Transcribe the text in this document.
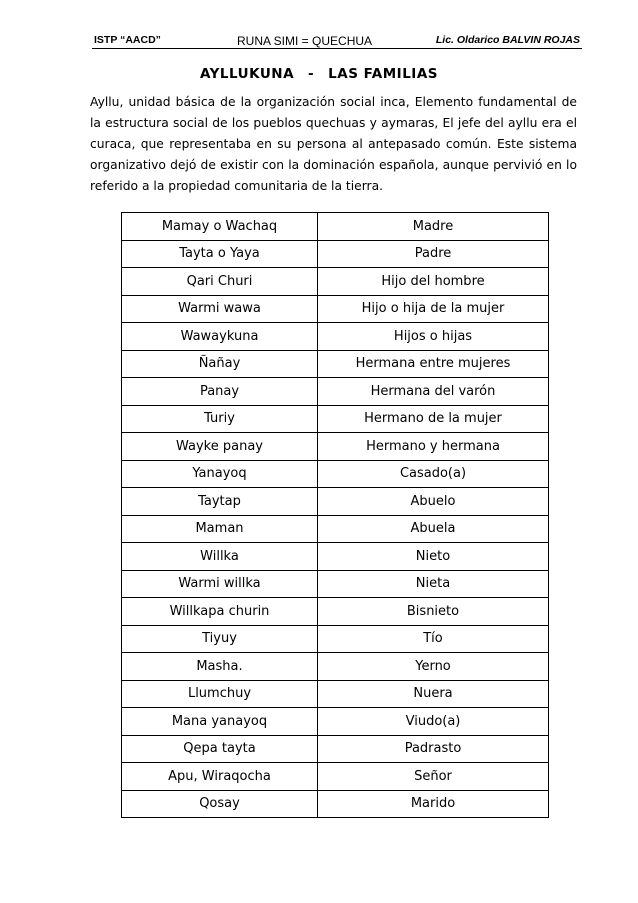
ISTP “AACD”	RUNA SIMI = QUECHUA	Lic. Oldarico BALVIN ROJAS
AYLLUKUNA - LAS FAMILIAS

Ayllu, unidad básica de la organización social inca, Elemento fundamental de la estructura social de los pueblos quechuas y aymaras, El jefe del ayllu era el curaca, que representaba en su persona al antepasado común. Este sistema organizativo dejó de existir con la dominación española, aunque pervivió en lo referido a la propiedad comunitaria de la tierra.

Mamay o Wachaq	Madre
Tayta o Yaya	Padre
Qari Churi	Hijo del hombre
Warmi wawa	Hijo o hija de la mujer
Wawaykuna	Hijos o hijas
Ñañay	Hermana entre mujeres
Panay	Hermana del varón
Turiy	Hermano de la mujer
Wayke panay	Hermano y hermana
Yanayoq	Casado(a)
Taytap	Abuelo
Maman	Abuela
Willka	Nieto
Warmi willka	Nieta
Willkapa churin	Bisnieto
Tiyuy	Tío
Masha.	Yerno
Llumchuy	Nuera
Mana yanayoq	Viudo(a)
Qepa tayta	Padrasto
Apu, Wiraqocha	Señor
Qosay	Marido
